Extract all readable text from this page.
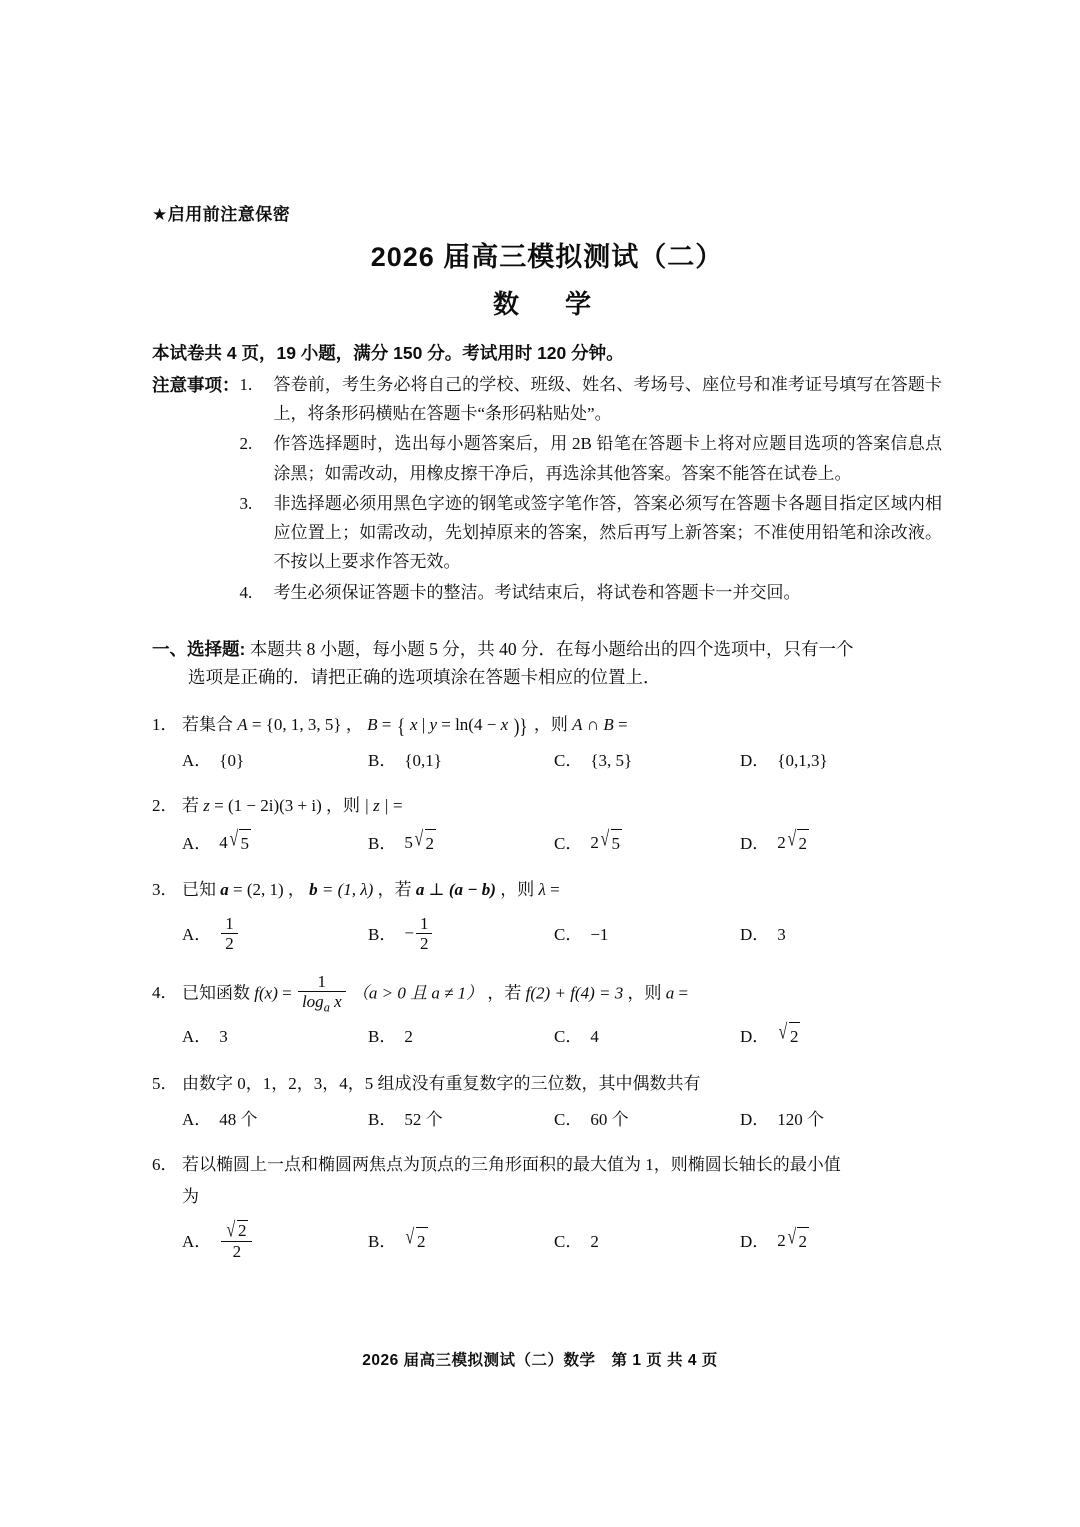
★启用前注意保密
2026 届高三模拟测试（二）
数　学
本试卷共 4 页，19 小题，满分 150 分。考试用时 120 分钟。
注意事项： 1.	答卷前，考生务必将自己的学校、班级、姓名、考场号、座位号和准考证号填写在答题卡上，将条形码横贴在答题卡“条形码粘贴处”。
2.	作答选择题时，选出每小题答案后，用 2B 铅笔在答题卡上将对应题目选项的答案信息点涂黑；如需改动，用橡皮擦干净后，再选涂其他答案。答案不能答在试卷上。
3.	非选择题必须用黑色字迹的钢笔或签字笔作答，答案必须写在答题卡各题目指定区域内相应位置上；如需改动，先划掉原来的答案，然后再写上新答案；不准使用铅笔和涂改液。不按以上要求作答无效。
4.	考生必须保证答题卡的整洁。考试结束后，将试卷和答题卡一并交回。
一、选择题: 本题共 8 小题，每小题 5 分，共 40 分．在每小题给出的四个选项中，只有一个
选项是正确的．请把正确的选项填涂在答题卡相应的位置上．
1． 若集合 A = {0, 1, 3, 5} ， B = { x | y = ln(4 − x )} ，则 A ∩ B =
A． {0}	B． {0,1}	C． {3, 5}	D． {0,1,3}
2． 若 z = (1 − 2i)(3 + i) ，则 | z | =
A． 4 √ 5	B． 5 √ 2	C． 2 √ 5	D． 2 √ 2
3． 已知 a = (2, 1) ， b = (1, λ) ，若 a ⊥ (a − b) ，则 λ =
A． $\frac{1}{2}$	B． − $\frac{1}{2}$	C． −1	D． 3
4． 已知函数 $f(x) = \frac{1}{\log_a x} (a > 0$ 且 a ≠ 1） ，若 f(2) + f(4) = 3 ，则 a =
A． 3	B． 2	C． 4	D． √ 2
5． 由数字 0，1，2，3，4，5 组成没有重复数字的三位数，其中偶数共有
A． 48 个	B． 52 个	C． 60 个	D． 120 个
6． 若以椭圆上一点和椭圆两焦点为顶点的三角形面积的最大值为 1，则椭圆长轴长的最小值
为
A． $\frac{√ 2}{2}$	B． √ 2	C． 2	D． 2 √ 2
2026 届高三模拟测试（二）数学　第 1 页 共 4 页
